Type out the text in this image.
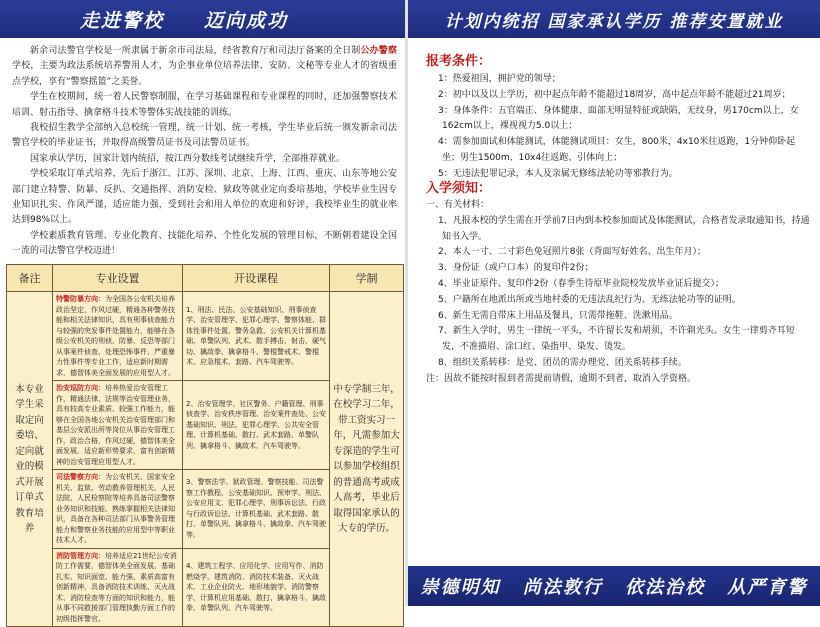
走进警校 迈向成功

新余司法警官学校是一所隶属于新余市司法局，经省教育厅和司法厅备案的全日制公办警察学校，主要为政法系统培养警用人才，为企事业单位培养法律、安防、文秘等专业人才的省级重点学校，享有“警察摇篮”之美誉。

学生在校期间，统一着人民警察制服，在学习基础课程和专业课程的同时，还加强警察技术培训、射击指导、擒拿格斗技术等警体实战技能的训练。

我校招生教学全部纳入总校统一管理，统一计划、统一考核，学生毕业后统一颁发新余司法警官学校的毕业证书，并取得高级警员证书及司法警员证书。

国家承认学历，国家计划内统招，按江西分数线考试继续升学，全部推荐就业。

学校采取订单式培养，先后于浙江、江苏、深圳、北京、上海、江西、重庆、山东等地公安部门建立特警、防暴、反扒、交通指挥、消防安检、狱政等就业定向委培基地，学校毕业生因专业知识扎实、作风严谨，适应能力强，受到社会和用人单位的欢迎和好评，我校毕业生的就业率达到98%以上。

学校素质教育管理、专业化教育、技能化培养、个性化发展的管理目标，不断朝着建设全国一流的司法警官学校迈进！

备注	专业设置	开设课程	学制
本专业学生采取定向委培、定向就业的模式开展订单式教育培养	特警防暴方向：为全国各公安机关培养政治坚定，作风过硬，精通各种警务技能和相关法律知识，具有刑事侦查能力与较强的突发事件处置能力，能够在各级公安机关的刑侦、防暴、反恐等部门从事案件侦查、处理恐怖事件、严重暴力性事件等专业工作，适应新时期需求，德智体美全面发展的应用型人才。	1、刑法、民法、公安基础知识、刑事侦查学、治安管理学、犯罪心理学、警察体能、群体性事件处置、警务急救、公安机关计算机基础、单警队列、武术、散手搏击、射击、硬气功、擒敌拳、擒拿格斗、警棍警戒术、警棍术、应急棍术、套路、汽车驾驶等。	中专学制三年，在校学习二年，带工资实习一年，凡需参加大专深造的学生可以参加学校组织的普通高考或成人高考，毕业后取得国家承认的大专的学历。
	治安巡防方向：培养热爱治安管理工作，精通法律、法规等治安管理业务，具有较高专业素质、较强工作能力，能够在全国各地公安机关治安管理部门和基层公安派出所等岗位从事治安管理工作，政治合格，作风过硬，德智体美全面发展，适应新形势要求，富有创新精神的治安管理应用型人才。	2、治安管理学、社区警务、户籍管理、刑事侦查学、治安秩序管理、治安案件查处、公安基础知识、刑法、犯罪心理学、公共安全管理、计算机基础、散打、武术套路、单警队列、擒拿格斗、擒敌术、汽车驾驶等。	
	司法警察方向：为公安机关、国家安全机关、监狱、劳动教养管理机关、人民法院、人民检察院等培养具备司法警察业务知识和技能、熟练掌握相关法律知识，具备在各种司法部门从事警务管理能力和警察业务技能的应用型中等职业技术人才。	3、警察法学、狱政管理、警察技能、司法警察工作教程、公安基础知识、预审学、刑法、公安应用文、犯罪心理学、刑事诉讼法、行政与行政诉讼法、计算机基础、武术套路、散打、单警队列、擒拿格斗、擒敌拳、汽车驾驶等。	
	消防管理方向：培养适应21世纪公安消防工作需要，德智体美全面发展，基础扎实、知识面宽、能力强、素质高富有创新精神，具备消防技术训练、灭火战术、消防检查等方面的知识和能力，能从事不同救援部门管理执勤方面工作的初级指挥警官。	4、建筑工程学、应用化学、应用写作、消防燃烧学、建筑消防、消防技术装备、灭火战术、工业企业防火、地形地貌学、消防警察学、计算机应用基础、散打、擒拿格斗、擒敌拳、单警队列、汽车驾驶等。	
计划内统招 国家承认学历 推荐安置就业
报考条件：
1：热爱祖国，拥护党的领导；
2：初中以及以上学历，初中起点年龄不能超过18周岁，高中起点年龄不能超过21周岁；
3：身体条件：五官端正、身体健康、面部无明显特征或缺陷，无纹身，男170cm以上，女162cm以上，裸视视力5.0以上；
4：需参加面试和体能测试，体能测试项目：女生，800米，4x10米往返跑，1分钟仰卧起坐；男生1500m、10x4往返跑、引体向上；
5：无违法犯罪记录，本人及亲属无修练法轮功等邪教行为。
入学须知：
一、有关材料：
1、凡报本校的学生需在开学前7日内到本校参加面试及体能测试，合格者发录取通知书，持通知书入学。
2、本人一寸、二寸彩色免冠照片8张（背面写好姓名、出生年月）；
3、身份证（或户口本）的复印件2份；
4、毕业证原件、复印件2份（春季生待原毕业院校发放毕业证后提交）；
5、户籍所在地派出所或当地村委的无违法乱纪行为、无练法轮功等的证明。
6、新生无需自带床上用品及餐具，只需带拖鞋、洗漱用品。
7、新生入学时，男生一律统一平头，不许留长发和胡须，不许剃光头。女生一律剪齐耳短发，不准描眉、涂口红、染指甲、染发、烫发。
8、组织关系转移：是党、团员的需办理党、团关系转移手续。
注：因故不能按时报到者需提前请假，逾期不到者，取消入学资格。
崇德明知 尚法敦行 依法治校 从严育警
